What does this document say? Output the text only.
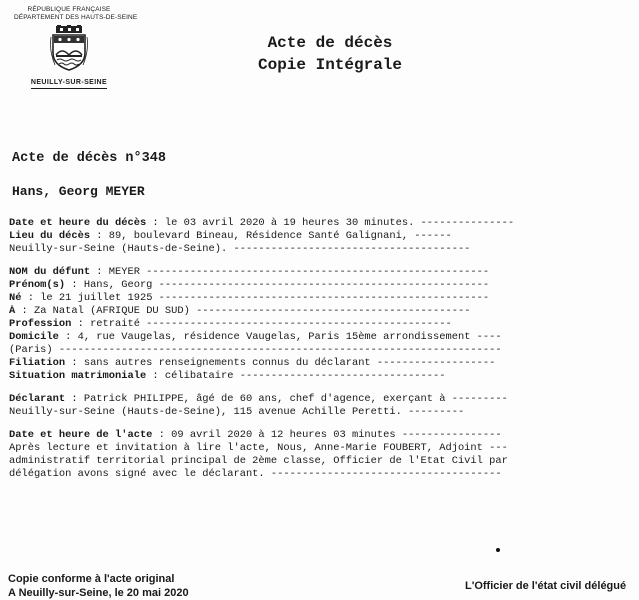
RÉPUBLIQUE FRANÇAISE
DÉPARTEMENT DES HAUTS-DE-SEINE
NEUILLY-SUR-SEINE
Acte de décès
Copie Intégrale
Acte de décès n°348
Hans, Georg MEYER
Date et heure du décès : le 03 avril 2020 à 19 heures 30 minutes. ---------------
Lieu du décès : 89, boulevard Bineau, Résidence Santé Galignani, ------
Neuilly-sur-Seine (Hauts-de-Seine). --------------------------------------
NOM du défunt : MEYER -------------------------------------------------------
Prénom(s) : Hans, Georg -----------------------------------------------------
Né : le 21 juillet 1925 -----------------------------------------------------
À : Za Natal (AFRIQUE DU SUD) --------------------------------------------
Profession : retraité -------------------------------------------------
Domicile : 4, rue Vaugelas, résidence Vaugelas, Paris 15ème arrondissement ----
(Paris) -----------------------------------------------------------------------
Filiation : sans autres renseignements connus du déclarant -------------------
Situation matrimoniale : célibataire ---------------------------------
Déclarant : Patrick PHILIPPE, âgé de 60 ans, chef d'agence, exerçant à ---------
Neuilly-sur-Seine (Hauts-de-Seine), 115 avenue Achille Peretti. ---------
Date et heure de l'acte : 09 avril 2020 à 12 heures 03 minutes ----------------
Après lecture et invitation à lire l'acte, Nous, Anne-Marie FOUBERT, Adjoint ---
administratif territorial principal de 2ème classe, Officier de l'Etat Civil par
délégation avons signé avec le déclarant. -------------------------------------
Copie conforme à l'acte original
A Neuilly-sur-Seine, le 20 mai 2020
L'Officier de l'état civil délégué
